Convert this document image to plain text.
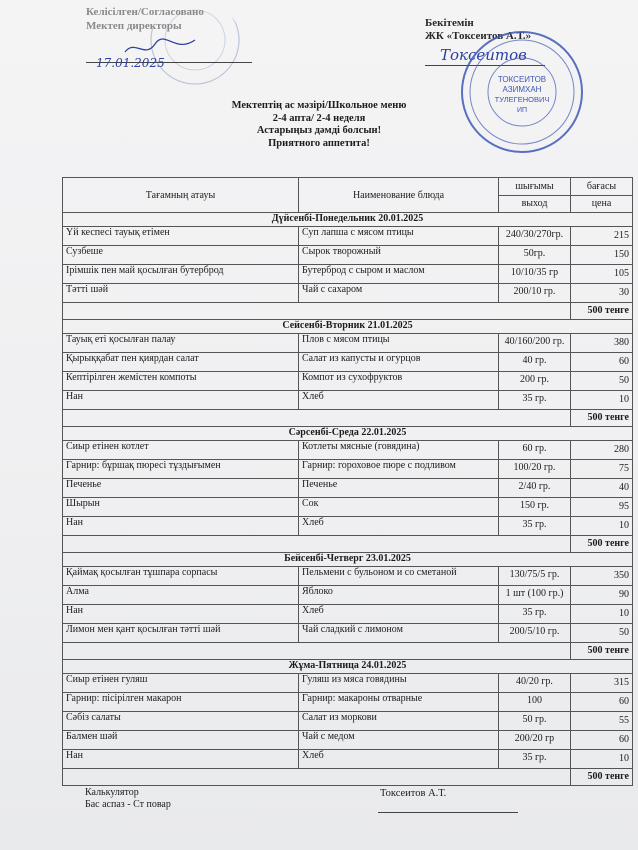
Келісілген/Согласовано
Мектеп директоры
17.01.2025
Бекітемін
ЖК «Токсеитов А.Т.»
Токсеитов
ТОКСЕИТОВ
АЗИМХАН
ТУЛЕГЕНОВИЧ
ИП
Мектептің ас мәзірі/Школьное меню
2-4 апта/ 2-4 неделя
Астарыңыз дәмді болсын!
Приятного аппетита!
Тағамның атауы	Наименование блюда	шығымы	бағасы
		выход	цена
Дүйсенбі-Понедельник 20.01.2025			
Үй кеспесі тауық етімен	Суп лапша с мясом птицы	240/30/270гр.	215
Сузбеше	Сырок творожный	50гр.	150
Ірімшік пен май қосылған бутерброд	Бутерброд с сыром и маслом	10/10/35 гр	105
Тәтті шәй	Чай с сахаром	200/10 гр.	30
			500 тенге
Сейсенбі-Вторник 21.01.2025			
Тауық еті қосылған палау	Плов с мясом птицы	40/160/200 гр.	380
Қырыққабат пен қиярдан салат	Салат из капусты и огурцов	40 гр.	60
Кептірілген жемістен компоты	Компот из сухофруктов	200 гр.	50
Нан	Хлеб	35 гр.	10
			500 тенге
Сәрсенбі-Среда 22.01.2025			
Сиыр етінен котлет	Котлеты мясные (говядина)	60 гр.	280
Гарнир: бұршақ пюресі тұздығымен	Гарнир: гороховое пюре с подливом	100/20 гр.	75
Печенье	Печенье	2/40 гр.	40
Шырын	Сок	150 гр.	95
Нан	Хлеб	35 гр.	10
			500 тенге
Бейсенбі-Четверг 23.01.2025			
Қаймақ қосылған тұшпара сорпасы	Пельмени с бульоном и со сметаной	130/75/5 гр.	350
Алма	Яблоко	1 шт (100 гр.)	90
Нан	Хлеб	35 гр.	10
Лимон мен қант қосылған тәтті шәй	Чай сладкий с лимоном	200/5/10 гр.	50
			500 тенге
Жұма-Пятница 24.01.2025			
Сиыр етінен гуляш	Гуляш из мяса говядины	40/20 гр.	315
Гарнир: пісірілген макарон	Гарнир: макароны отварные	100	60
Сәбіз салаты	Салат из моркови	50 гр.	55
Балмен шәй	Чай с медом	200/20 гр	60
Нан	Хлеб	35 гр.	10
			500 тенге
Калькулятор
Бас аспаз - Ст повар
Токсеитов А.Т.
